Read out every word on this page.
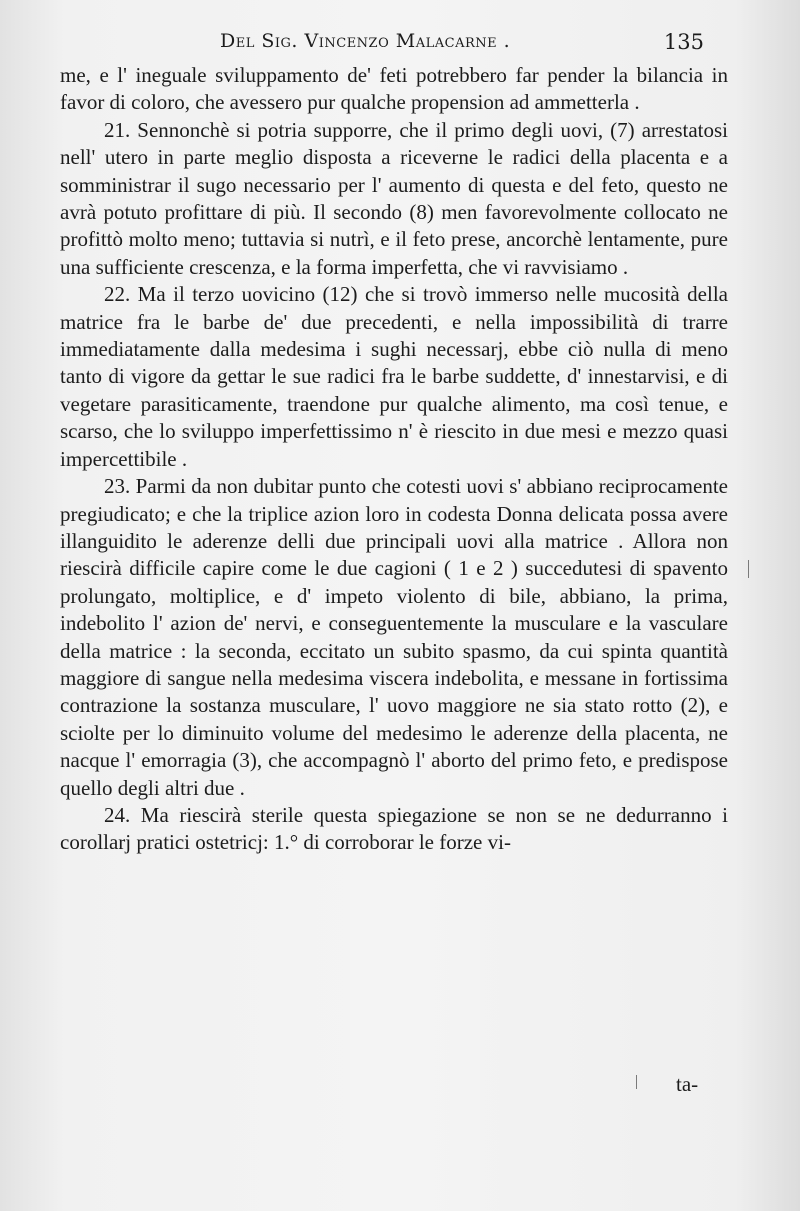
Del Sig. Vincenzo Malacarne .	135

me, e l' ineguale sviluppamento de' feti potrebbero far pender la bilancia in favor di coloro, che avessero pur qualche propension ad ammetterla .

21. Sennonchè si potria supporre, che il primo degli uovi, (7) arrestatosi nell' utero in parte meglio disposta a riceverne le radici della placenta e a somministrar il sugo necessario per l' aumento di questa e del feto, questo ne avrà potuto profittare di più. Il secondo (8) men favorevolmente collocato ne profittò molto meno; tuttavia si nutrì, e il feto prese, ancorchè lentamente, pure una sufficiente crescenza, e la forma imperfetta, che vi ravvisiamo .

22. Ma il terzo uovicino (12) che si trovò immerso nelle mucosità della matrice fra le barbe de' due precedenti, e nella impossibilità di trarre immediatamente dalla medesima i sughi necessarj, ebbe ciò nulla di meno tanto di vigore da gettar le sue radici fra le barbe suddette, d' innestarvisi, e di vegetare parasiticamente, traendone pur qualche alimento, ma così tenue, e scarso, che lo sviluppo imperfettissimo n' è riescito in due mesi e mezzo quasi impercettibile .

23. Parmi da non dubitar punto che cotesti uovi s' abbiano reciprocamente pregiudicato; e che la triplice azion loro in codesta Donna delicata possa avere illanguidito le aderenze delli due principali uovi alla matrice . Allora non riescirà difficile capire come le due cagioni ( 1 e 2 ) succedutesi di spavento prolungato, moltiplice, e d' impeto violento di bile, abbiano, la prima, indebolito l' azion de' nervi, e conseguentemente la musculare e la vasculare della matrice : la seconda, eccitato un subito spasmo, da cui spinta quantità maggiore di sangue nella medesima viscera indebolita, e messane in fortissima contrazione la sostanza musculare, l' uovo maggiore ne sia stato rotto (2), e sciolte per lo diminuito volume del medesimo le aderenze della placenta, ne nacque l' emorragia (3), che accompagnò l' aborto del primo feto, e predispose quello degli altri due .

24. Ma riescirà sterile questa spiegazione se non se ne dedurranno i corollarj pratici ostetricj: 1.° di corroborar le forze vi-

ta-
